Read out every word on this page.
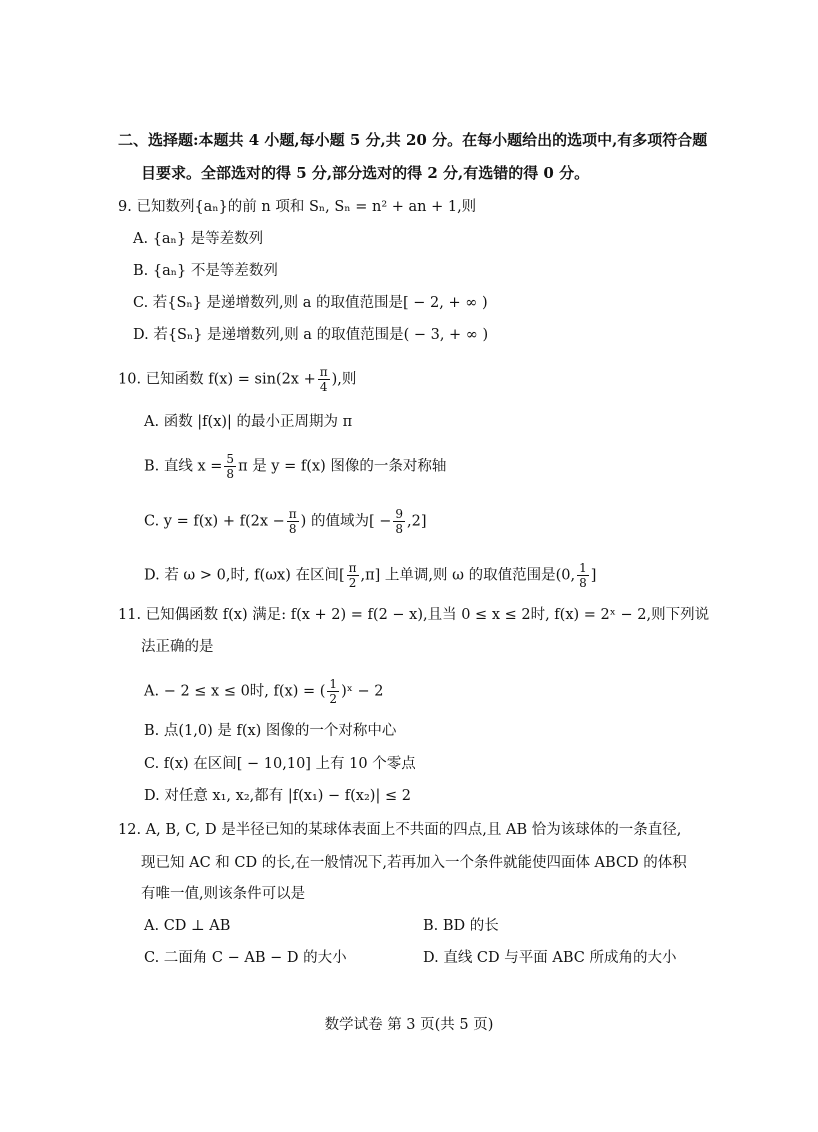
二、选择题:本题共 4 小题,每小题 5 分,共 20 分。在每小题给出的选项中,有多项符合题
目要求。全部选对的得 5 分,部分选对的得 2 分,有选错的得 0 分。
9. 已知数列{aₙ}的前 n 项和 Sₙ, Sₙ = n² + an + 1,则
A. {aₙ} 是等差数列
B. {aₙ} 不是等差数列
C. 若{Sₙ} 是递增数列,则 a 的取值范围是[ − 2, + ∞ )
D. 若{Sₙ} 是递增数列,则 a 的取值范围是( − 3, + ∞ )
10. 已知函数 $f(x) = \sin(2x + \frac{\pi}{4}$ ),则
A. 函数 |f(x)| 的最小正周期为 π
B. 直线 $x = \frac{5}{8}$ π 是 y = f(x) 图像的一条对称轴
C. $y = f(x) + f(2x - \frac{\pi}{8}$ ) 的值域为[ − $\frac{9}{8} ,2$]
D. 若 ω > 0,时, f(ωx) 在区间[ $\frac{\pi}{2} ,\pi$] 上单调,则 ω 的取值范围是(0, $\frac{1}{8}$ ]
11. 已知偶函数 f(x) 满足: f(x + 2) = f(2 − x),且当 0 ≤ x ≤ 2时, f(x) = 2ˣ − 2,则下列说
法正确的是
A. − 2 ≤ x ≤ 0时, f(x) = ( $\frac{1}{2}$ )ˣ − 2
B. 点(1,0) 是 f(x) 图像的一个对称中心
C. f(x) 在区间[ − 10,10] 上有 10 个零点
D. 对任意 x₁, x₂,都有 |f(x₁) − f(x₂)| ≤ 2
12. A, B, C, D 是半径已知的某球体表面上不共面的四点,且 AB 恰为该球体的一条直径,
现已知 AC 和 CD 的长,在一般情况下,若再加入一个条件就能使四面体 ABCD 的体积
有唯一值,则该条件可以是
A. CD ⊥ AB	B. BD 的长
C. 二面角 C − AB − D 的大小	D. 直线 CD 与平面 ABC 所成角的大小
数学试卷 第 3 页(共 5 页)
